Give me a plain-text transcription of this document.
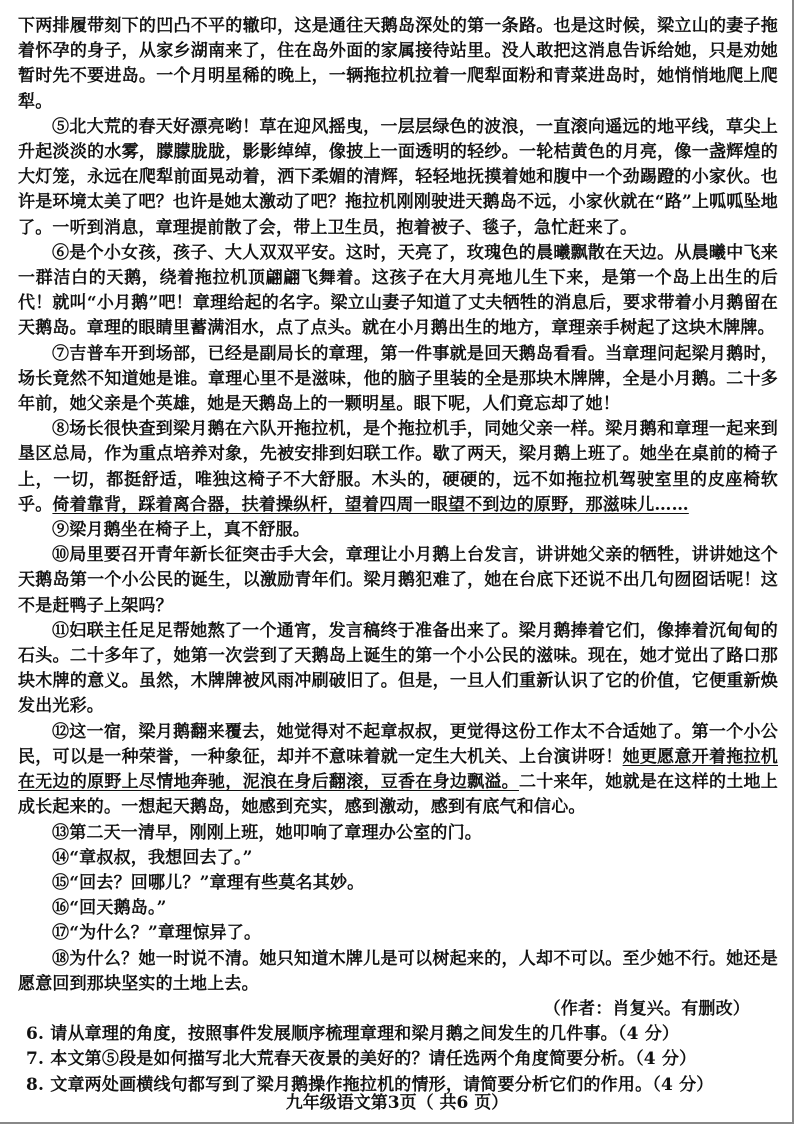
下两排履带刻下的凹凸不平的辙印，这是通往天鹅岛深处的第一条路。也是这时候，梁立山的妻子拖着怀孕的身子，从家乡湖南来了，住在岛外面的家属接待站里。没人敢把这消息告诉给她，只是劝她暂时先不要进岛。一个月明星稀的晚上，一辆拖拉机拉着一爬犁面粉和青菜进岛时，她悄悄地爬上爬犁。

⑤北大荒的春天好漂亮哟！草在迎风摇曳，一层层绿色的波浪，一直滚向遥远的地平线，草尖上升起淡淡的水雾，朦朦胧胧，影影绰绰，像披上一面透明的轻纱。一轮桔黄色的月亮，像一盏辉煌的大灯笼，永远在爬犁前面晃动着，洒下柔媚的清辉，轻轻地抚摸着她和腹中一个劲踢蹬的小家伙。也许是环境太美了吧？也许是她太激动了吧？拖拉机刚刚驶进天鹅岛不远，小家伙就在“路”上呱呱坠地了。一听到消息，章理提前散了会，带上卫生员，抱着被子、毯子，急忙赶来了。

⑥是个小女孩，孩子、大人双双平安。这时，天亮了，玫瑰色的晨曦飘散在天边。从晨曦中飞来一群洁白的天鹅，绕着拖拉机顶翩翩飞舞着。这孩子在大月亮地儿生下来，是第一个岛上出生的后代！就叫“小月鹅”吧！章理给起的名字。梁立山妻子知道了丈夫牺牲的消息后，要求带着小月鹅留在天鹅岛。章理的眼睛里蓄满泪水，点了点头。就在小月鹅出生的地方，章理亲手树起了这块木牌牌。

⑦吉普车开到场部，已经是副局长的章理，第一件事就是回天鹅岛看看。当章理问起梁月鹅时，场长竟然不知道她是谁。章理心里不是滋味，他的脑子里装的全是那块木牌牌，全是小月鹅。二十多年前，她父亲是个英雄，她是天鹅岛上的一颗明星。眼下呢，人们竟忘却了她！

⑧场长很快查到梁月鹅在六队开拖拉机，是个拖拉机手，同她父亲一样。梁月鹅和章理一起来到垦区总局，作为重点培养对象，先被安排到妇联工作。歇了两天，梁月鹅上班了。她坐在桌前的椅子上，一切，都挺舒适，唯独这椅子不大舒服。木头的，硬硬的，远不如拖拉机驾驶室里的皮座椅软乎。倚着靠背，踩着离合器，扶着操纵杆，望着四周一眼望不到边的原野，那滋味儿……

⑨梁月鹅坐在椅子上，真不舒服。

⑩局里要召开青年新长征突击手大会，章理让小月鹅上台发言，讲讲她父亲的牺牲，讲讲她这个天鹅岛第一个小公民的诞生，以激励青年们。梁月鹅犯难了，她在台底下还说不出几句囫囵话呢！这不是赶鸭子上架吗？

⑪妇联主任足足帮她熬了一个通宵，发言稿终于准备出来了。梁月鹅捧着它们，像捧着沉甸甸的石头。二十多年了，她第一次尝到了天鹅岛上诞生的第一个小公民的滋味。现在，她才觉出了路口那块木牌的意义。虽然，木牌牌被风雨冲刷破旧了。但是，一旦人们重新认识了它的价值，它便重新焕发出光彩。

⑫这一宿，梁月鹅翻来覆去，她觉得对不起章叔叔，更觉得这份工作太不合适她了。第一个小公民，可以是一种荣誉，一种象征，却并不意味着就一定生大机关、上台演讲呀！她更愿意开着拖拉机在无边的原野上尽情地奔驰，泥浪在身后翻滚，豆香在身边飘溢。二十来年，她就是在这样的土地上成长起来的。一想起天鹅岛，她感到充实，感到激动，感到有底气和信心。

⑬第二天一清早，刚刚上班，她叩响了章理办公室的门。

⑭“章叔叔，我想回去了。”

⑮“回去？回哪儿？”章理有些莫名其妙。

⑯“回天鹅岛。”

⑰“为什么？”章理惊异了。

⑱为什么？她一时说不清。她只知道木牌儿是可以树起来的，人却不可以。至少她不行。她还是愿意回到那块坚实的土地上去。

（作者：肖复兴。有删改）

6. 请从章理的角度，按照事件发展顺序梳理章理和梁月鹅之间发生的几件事。（4 分）

7. 本文第⑤段是如何描写北大荒春天夜景的美好的？请任选两个角度简要分析。（4 分）

8. 文章两处画横线句都写到了梁月鹅操作拖拉机的情形，请简要分析它们的作用。（4 分）

九年级语文第3页（ 共6 页）
